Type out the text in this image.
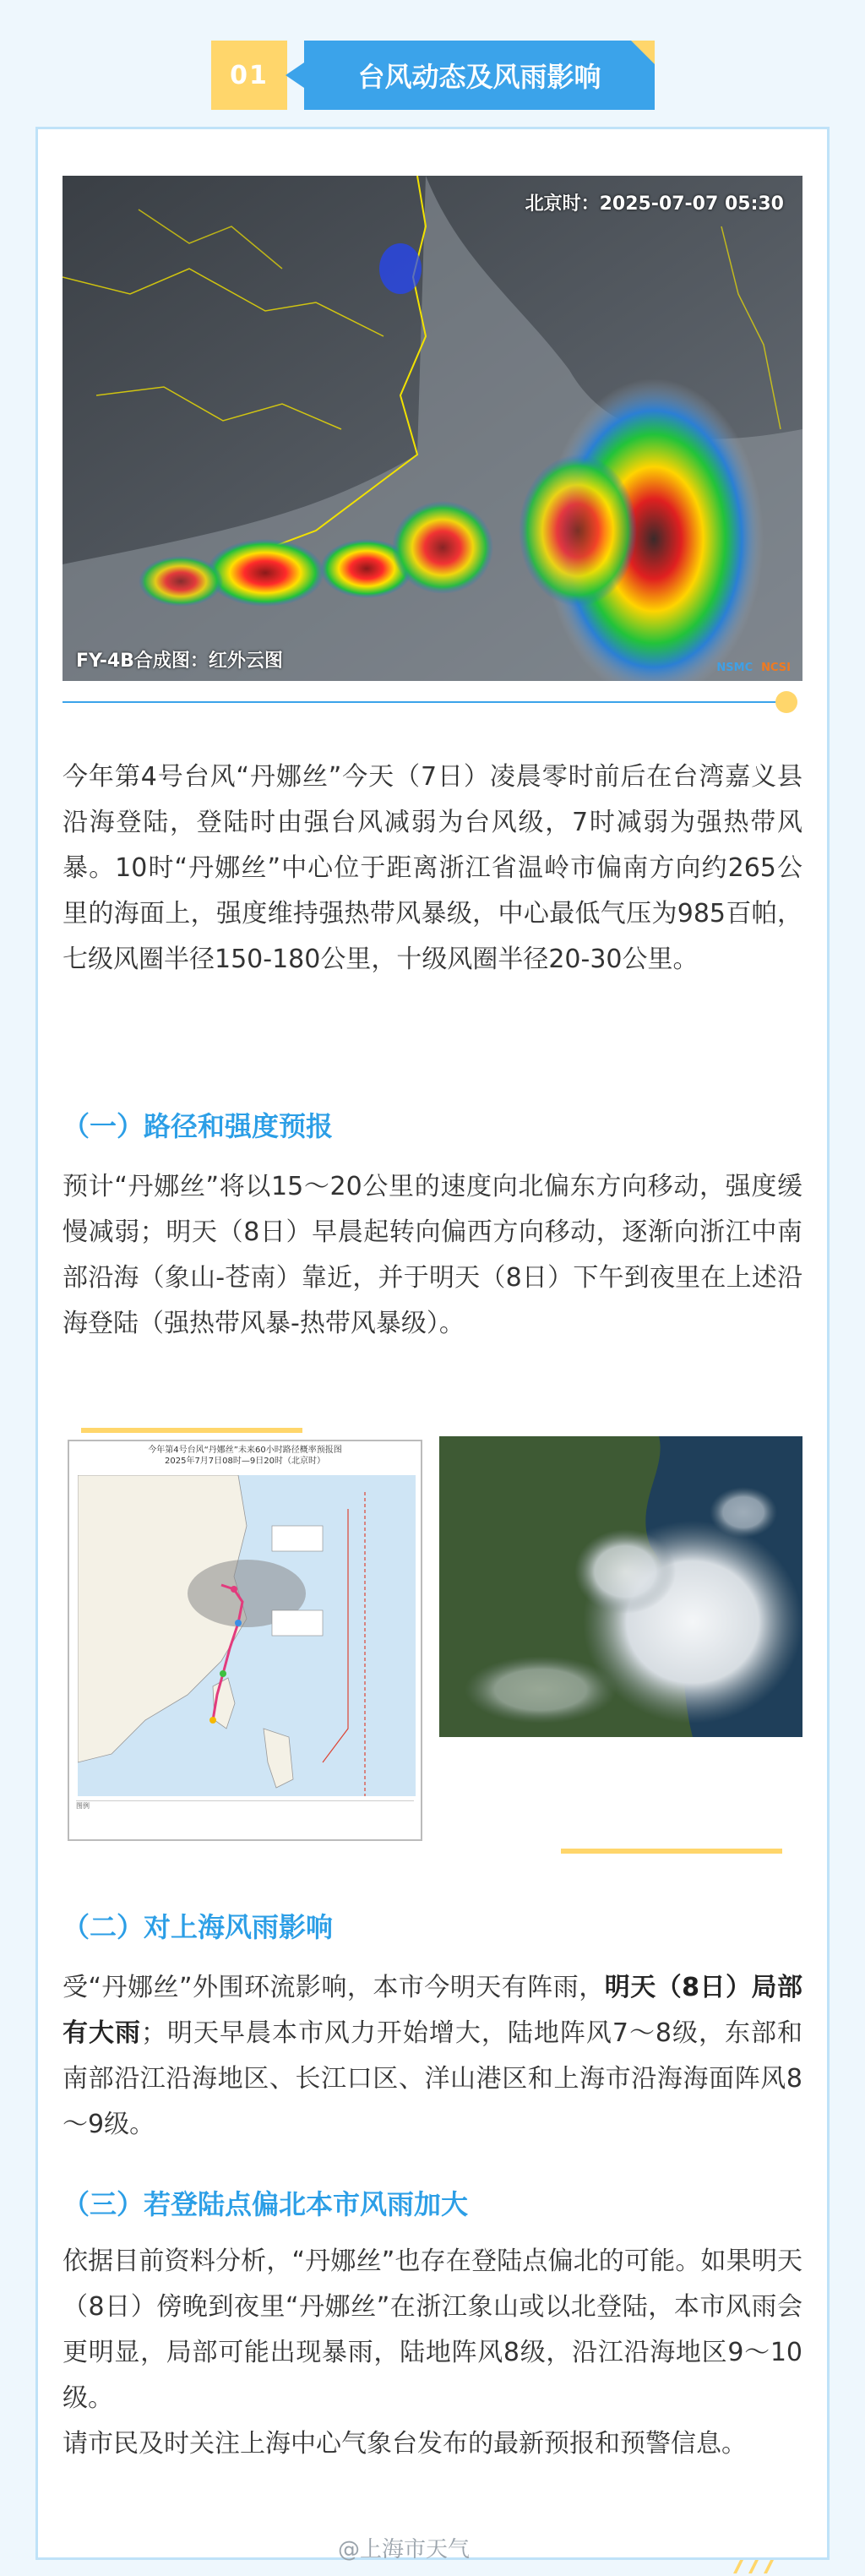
01	台风动态及风雨影响
北京时：2025-07-07 05:30
FY-4B合成图：红外云图	NSMC NCSI
今年第4号台风“丹娜丝”今天（7日）凌晨零时前后在台湾嘉义县沿海登陆，登陆时由强台风减弱为台风级，7时减弱为强热带风暴。10时“丹娜丝”中心位于距离浙江省温岭市偏南方向约265公里的海面上，强度维持强热带风暴级，中心最低气压为985百帕，七级风圈半径150-180公里，十级风圈半径20-30公里。
（一）路径和强度预报
预计“丹娜丝”将以15～20公里的速度向北偏东方向移动，强度缓慢减弱；明天（8日）早晨起转向偏西方向移动，逐渐向浙江中南部沿海（象山-苍南）靠近，并于明天（8日）下午到夜里在上述沿海登陆（强热带风暴-热带风暴级）。
今年第4号台风“丹娜丝”未来60小时路径概率预报图
2025年7月7日08时—9日20时（北京时）
图例
（二）对上海风雨影响
受“丹娜丝”外围环流影响，本市今明天有阵雨，明天（8日）局部有大雨；明天早晨本市风力开始增大，陆地阵风7～8级，东部和南部沿江沿海地区、长江口区、洋山港区和上海市沿海海面阵风8～9级。
（三）若登陆点偏北本市风雨加大
依据目前资料分析，“丹娜丝”也存在登陆点偏北的可能。如果明天（8日）傍晚到夜里“丹娜丝”在浙江象山或以北登陆，本市风雨会更明显，局部可能出现暴雨，陆地阵风8级，沿江沿海地区9～10级。
请市民及时关注上海中心气象台发布的最新预报和预警信息。
@上海市天气
